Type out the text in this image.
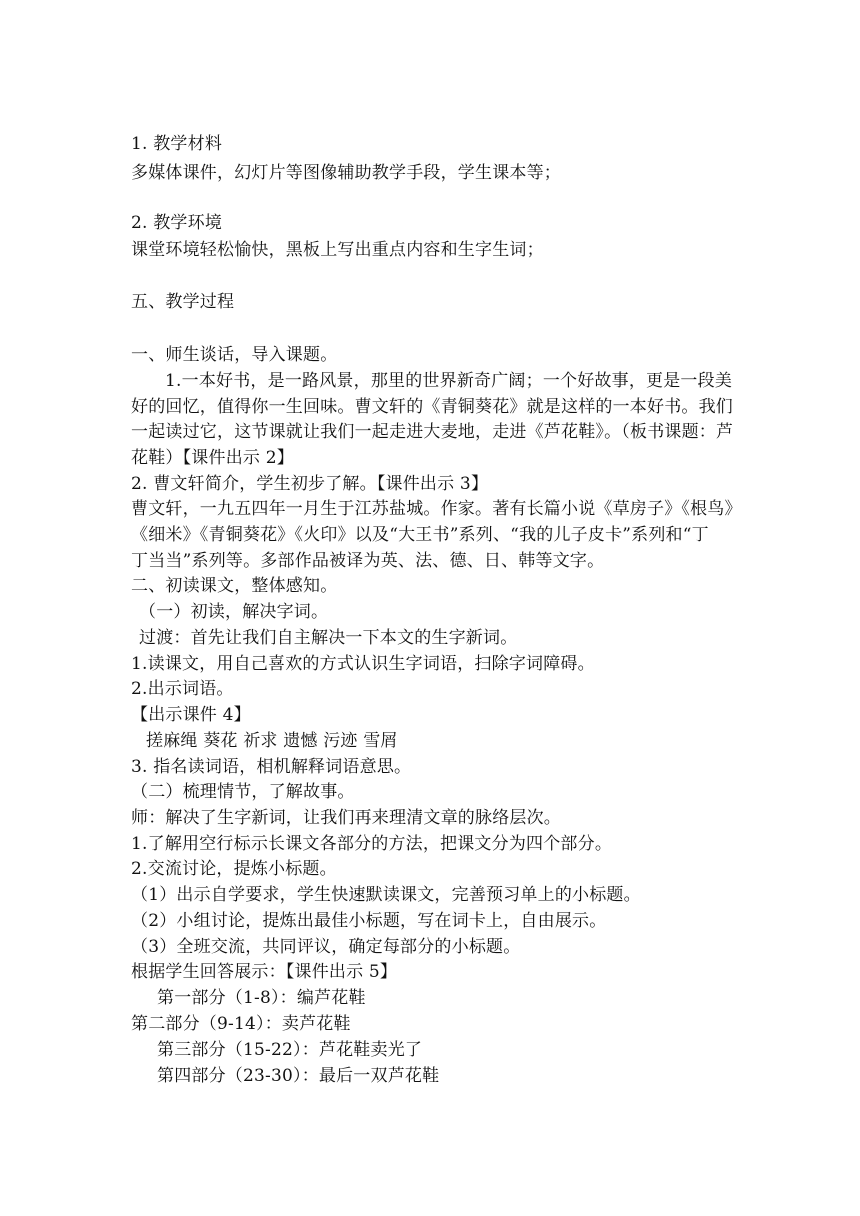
1. 教学材料
多媒体课件，幻灯片等图像辅助教学手段，学生课本等；
2. 教学环境
课堂环境轻松愉快，黑板上写出重点内容和生字生词；
五、教学过程
一、师生谈话，导入课题。
1.一本好书，是一路风景，那里的世界新奇广阔；一个好故事，更是一段美
好的回忆，值得你一生回味。曹文轩的《青铜葵花》就是这样的一本好书。我们
一起读过它，这节课就让我们一起走进大麦地，走进《芦花鞋》。（板书课题：芦
花鞋）【课件出示 2】
2. 曹文轩简介，学生初步了解。【课件出示 3】
曹文轩，一九五四年一月生于江苏盐城。作家。著有长篇小说《草房子》《根鸟》
《细米》《青铜葵花》《火印》以及“大王书”系列、“我的儿子皮卡”系列和“丁
丁当当”系列等。多部作品被译为英、法、德、日、韩等文字。
二、初读课文，整体感知。
（一）初读，解决字词。
过渡：首先让我们自主解决一下本文的生字新词。
1.读课文，用自己喜欢的方式认识生字词语，扫除字词障碍。
2.出示词语。
【出示课件 4】
搓麻绳 葵花 祈求 遗憾 污迹 雪屑
3. 指名读词语，相机解释词语意思。
（二）梳理情节，了解故事。
师：解决了生字新词，让我们再来理清文章的脉络层次。
1.了解用空行标示长课文各部分的方法，把课文分为四个部分。
2.交流讨论，提炼小标题。
（1）出示自学要求，学生快速默读课文，完善预习单上的小标题。
（2）小组讨论，提炼出最佳小标题，写在词卡上，自由展示。
（3）全班交流，共同评议，确定每部分的小标题。
根据学生回答展示：【课件出示 5】
第一部分（1-8）：编芦花鞋
第二部分（9-14）：卖芦花鞋
第三部分（15-22）：芦花鞋卖光了
第四部分（23-30）：最后一双芦花鞋
